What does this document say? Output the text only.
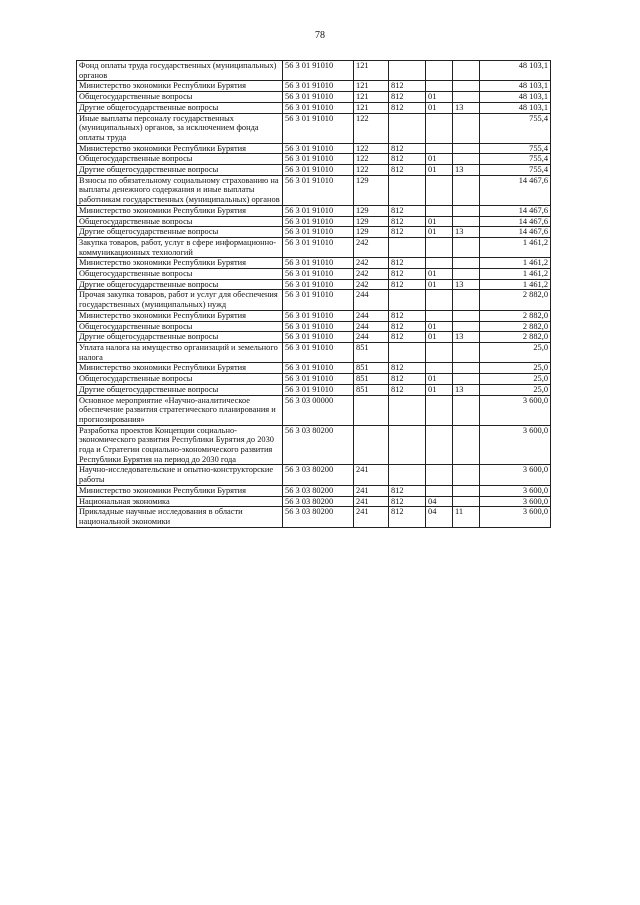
78
Фонд оплаты труда государственных (муниципальных) органов	56 3 01 91010	121				48 103,1
Министерство экономики Республики Бурятия	56 3 01 91010	121	812			48 103,1
Общегосударственные вопросы	56 3 01 91010	121	812	01		48 103,1
Другие общегосударственные вопросы	56 3 01 91010	121	812	01	13	48 103,1
Иные выплаты персоналу государственных (муниципальных) органов, за исключением фонда оплаты труда	56 3 01 91010	122				755,4
Министерство экономики Республики Бурятия	56 3 01 91010	122	812			755,4
Общегосударственные вопросы	56 3 01 91010	122	812	01		755,4
Другие общегосударственные вопросы	56 3 01 91010	122	812	01	13	755,4
Взносы по обязательному социальному страхованию на выплаты денежного содержания и иные выплаты работникам государственных (муниципальных) органов	56 3 01 91010	129				14 467,6
Министерство экономики Республики Бурятия	56 3 01 91010	129	812			14 467,6
Общегосударственные вопросы	56 3 01 91010	129	812	01		14 467,6
Другие общегосударственные вопросы	56 3 01 91010	129	812	01	13	14 467,6
Закупка товаров, работ, услуг в сфере информационно-коммуникационных технологий	56 3 01 91010	242				1 461,2
Министерство экономики Республики Бурятия	56 3 01 91010	242	812			1 461,2
Общегосударственные вопросы	56 3 01 91010	242	812	01		1 461,2
Другие общегосударственные вопросы	56 3 01 91010	242	812	01	13	1 461,2
Прочая закупка товаров, работ и услуг для обеспечения государственных (муниципальных) нужд	56 3 01 91010	244				2 882,0
Министерство экономики Республики Бурятия	56 3 01 91010	244	812			2 882,0
Общегосударственные вопросы	56 3 01 91010	244	812	01		2 882,0
Другие общегосударственные вопросы	56 3 01 91010	244	812	01	13	2 882,0
Уплата налога на имущество организаций и земельного налога	56 3 01 91010	851				25,0
Министерство экономики Республики Бурятия	56 3 01 91010	851	812			25,0
Общегосударственные вопросы	56 3 01 91010	851	812	01		25,0
Другие общегосударственные вопросы	56 3 01 91010	851	812	01	13	25,0
Основное мероприятие «Научно-аналитическое обеспечение развития стратегического планирования и прогнозирования»	56 3 03 00000					3 600,0
Разработка проектов Концепции социально-экономического развития Республики Бурятия до 2030 года и Стратегии социально-экономического развития Республики Бурятия на период до 2030 года	56 3 03 80200					3 600,0
Научно-исследовательские и опытно-конструкторские работы	56 3 03 80200	241				3 600,0
Министерство экономики Республики Бурятия	56 3 03 80200	241	812			3 600,0
Национальная экономика	56 3 03 80200	241	812	04		3 600,0
Прикладные научные исследования в области национальной экономики	56 3 03 80200	241	812	04	11	3 600,0
